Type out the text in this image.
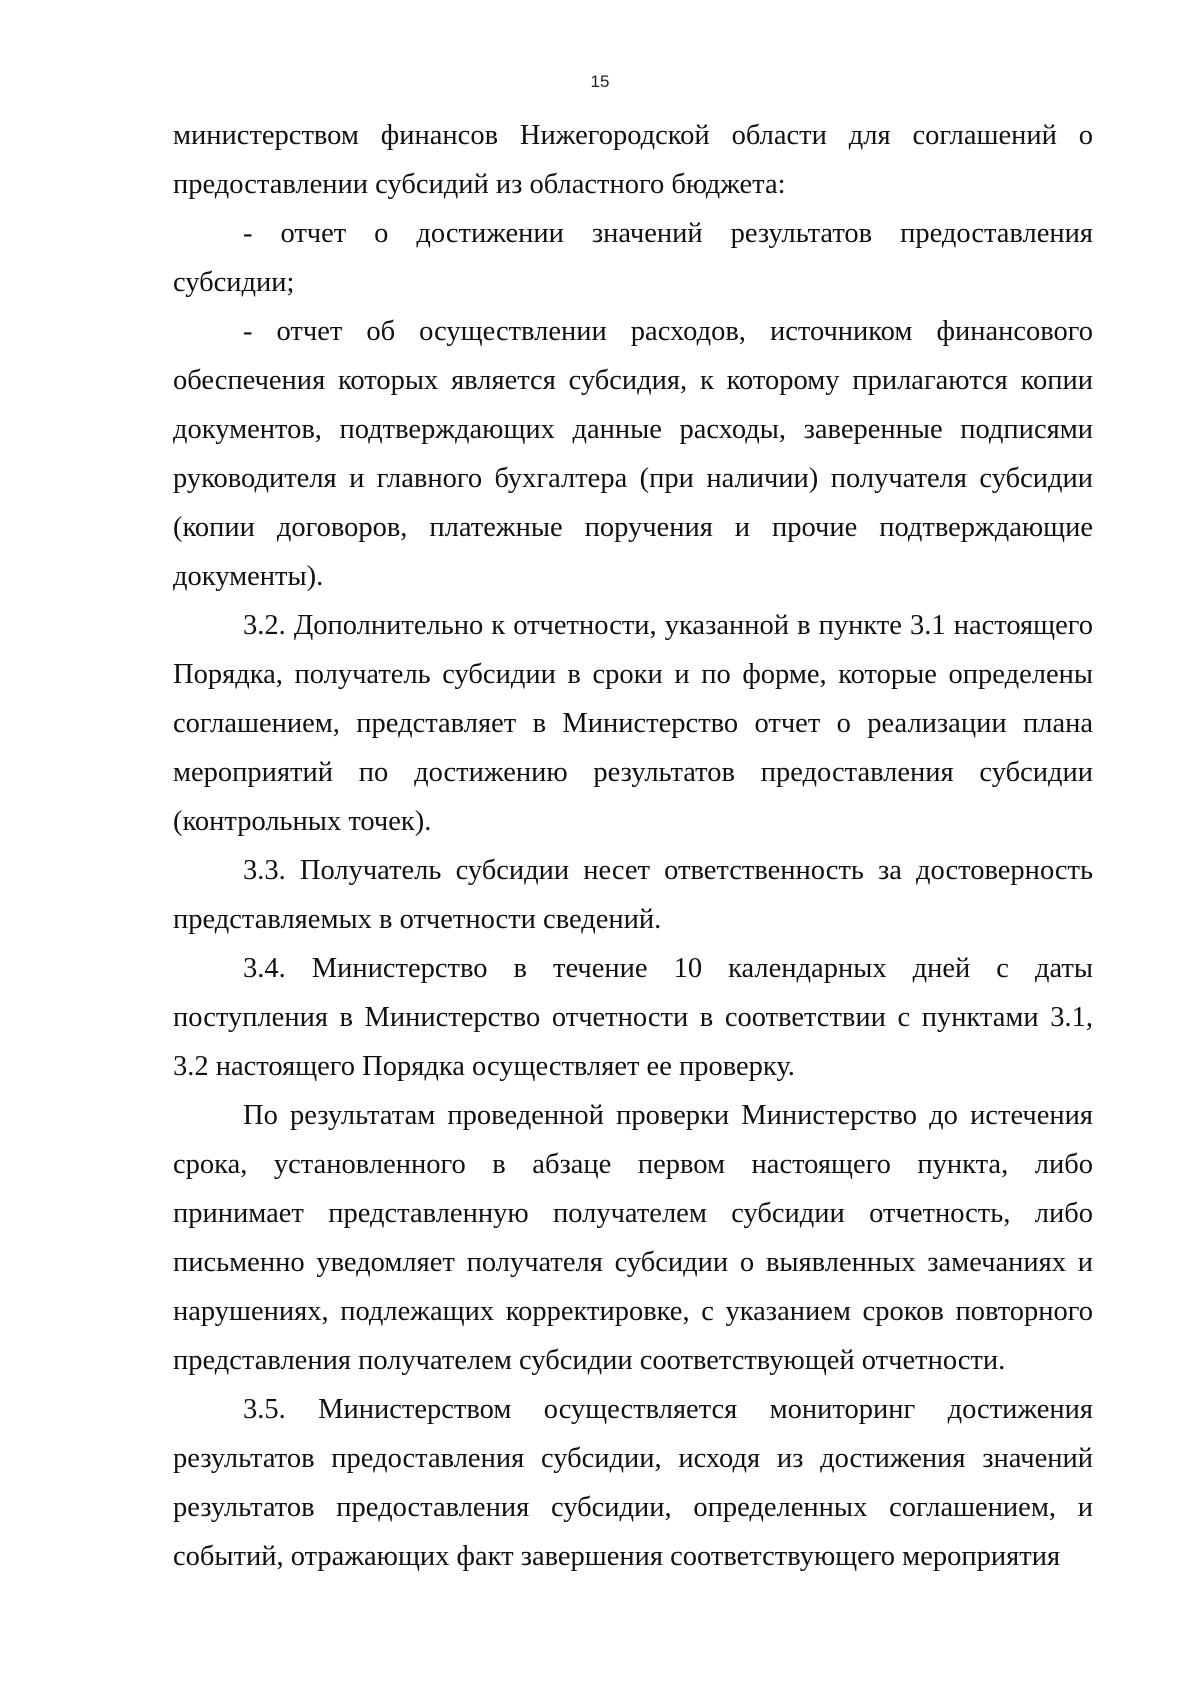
15

министерством финансов Нижегородской области для соглашений о предоставлении субсидий из областного бюджета:

- отчет о достижении значений результатов предоставления субсидии;

- отчет об осуществлении расходов, источником финансового обеспечения которых является субсидия, к которому прилагаются копии документов, подтверждающих данные расходы, заверенные подписями руководителя и главного бухгалтера (при наличии) получателя субсидии (копии договоров, платежные поручения и прочие подтверждающие документы).

3.2. Дополнительно к отчетности, указанной в пункте 3.1 настоящего Порядка, получатель субсидии в сроки и по форме, которые определены соглашением, представляет в Министерство отчет о реализации плана мероприятий по достижению результатов предоставления субсидии (контрольных точек).

3.3. Получатель субсидии несет ответственность за достоверность представляемых в отчетности сведений.

3.4. Министерство в течение 10 календарных дней с даты поступления в Министерство отчетности в соответствии с пунктами 3.1, 3.2 настоящего Порядка осуществляет ее проверку.

По результатам проведенной проверки Министерство до истечения срока, установленного в абзаце первом настоящего пункта, либо принимает представленную получателем субсидии отчетность, либо письменно уведомляет получателя субсидии о выявленных замечаниях и нарушениях, подлежащих корректировке, с указанием сроков повторного представления получателем субсидии соответствующей отчетности.

3.5. Министерством осуществляется мониторинг достижения результатов предоставления субсидии, исходя из достижения значений результатов предоставления субсидии, определенных соглашением, и событий, отражающих факт завершения соответствующего мероприятия
